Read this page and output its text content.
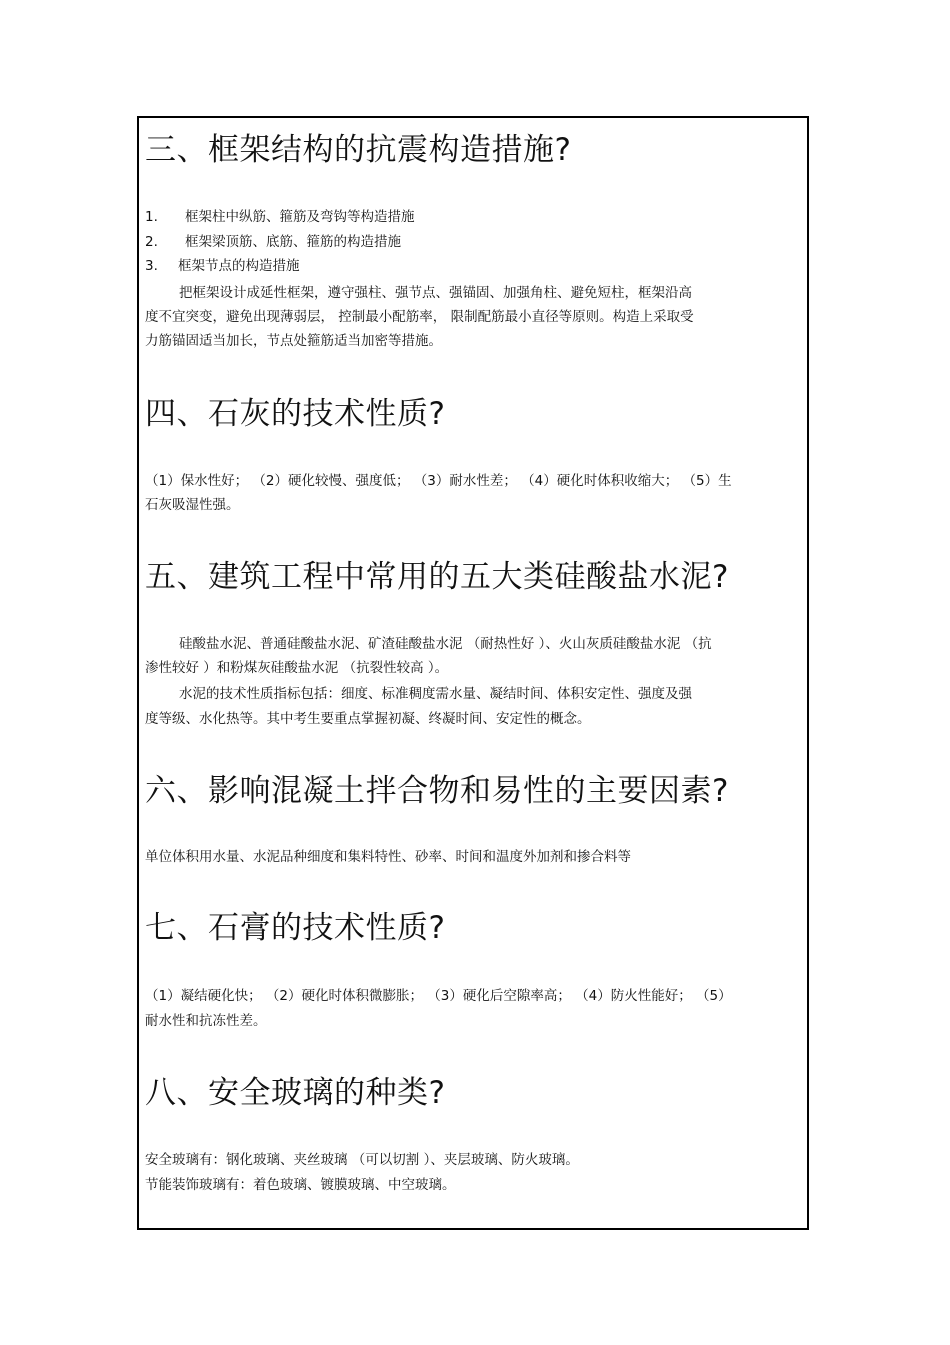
三、框架结构的抗震构造措施?

1. 框架柱中纵筋、箍筋及弯钩等构造措施

2. 框架梁顶筋、底筋、箍筋的构造措施

3. 框架节点的构造措施

把框架设计成延性框架，遵守强柱、强节点、强锚固、加强角柱、避免短柱，框架沿高

度不宜突变，避免出现薄弱层， 控制最小配筋率， 限制配筋最小直径等原则。构造上采取受

力筋锚固适当加长，节点处箍筋适当加密等措施。

四、石灰的技术性质?

（1）保水性好； （2）硬化较慢、强度低； （3）耐水性差； （4）硬化时体积收缩大； （5）生

石灰吸湿性强。

五、建筑工程中常用的五大类硅酸盐水泥?

硅酸盐水泥、普通硅酸盐水泥、矿渣硅酸盐水泥 （耐热性好 ）、火山灰质硅酸盐水泥 （抗

渗性较好 ）和粉煤灰硅酸盐水泥 （抗裂性较高 ）。

水泥的技术性质指标包括：细度、标准稠度需水量、凝结时间、体积安定性、强度及强

度等级、水化热等。其中考生要重点掌握初凝、终凝时间、安定性的概念。

六、影响混凝土拌合物和易性的主要因素?

单位体积用水量、水泥品种细度和集料特性、砂率、时间和温度外加剂和掺合料等

七、石膏的技术性质?

（1）凝结硬化快； （2）硬化时体积微膨胀； （3）硬化后空隙率高； （4）防火性能好； （5）

耐水性和抗冻性差。

八、安全玻璃的种类?

安全玻璃有：钢化玻璃、夹丝玻璃 （可以切割 ）、夹层玻璃、防火玻璃。

节能装饰玻璃有：着色玻璃、镀膜玻璃、中空玻璃。
